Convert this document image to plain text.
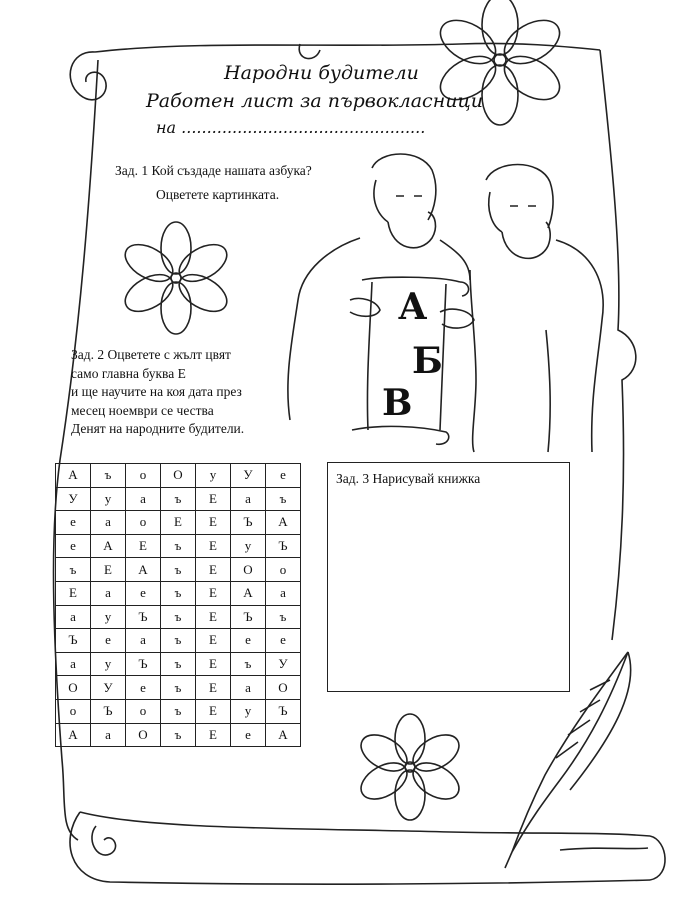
А
Б
В
Народни будители
Работен лист за първокласници
на ................................................
Зад. 1 Кой създаде нашата азбука?
Оцветете картинката.
Зад. 2 Оцветете с жълт цвят
само главна буква Е
и ще научите на коя дата през
месец ноември се чества
Денят на народните будители.
А	ъ	о	О	у	У	е
У	у	а	ъ	Е	а	ъ
е	а	о	Е	Е	Ъ	А
е	А	Е	ъ	Е	у	Ъ
ъ	Е	А	ъ	Е	О	о
Е	а	е	ъ	Е	А	а
а	у	Ъ	ъ	Е	Ъ	ъ
Ъ	е	а	ъ	Е	е	е
а	у	Ъ	ъ	Е	ъ	У
О	У	е	ъ	Е	а	О
о	Ъ	о	ъ	Е	у	Ъ
А	а	О	ъ	Е	е	А
Зад. 3 Нарисувай книжка
